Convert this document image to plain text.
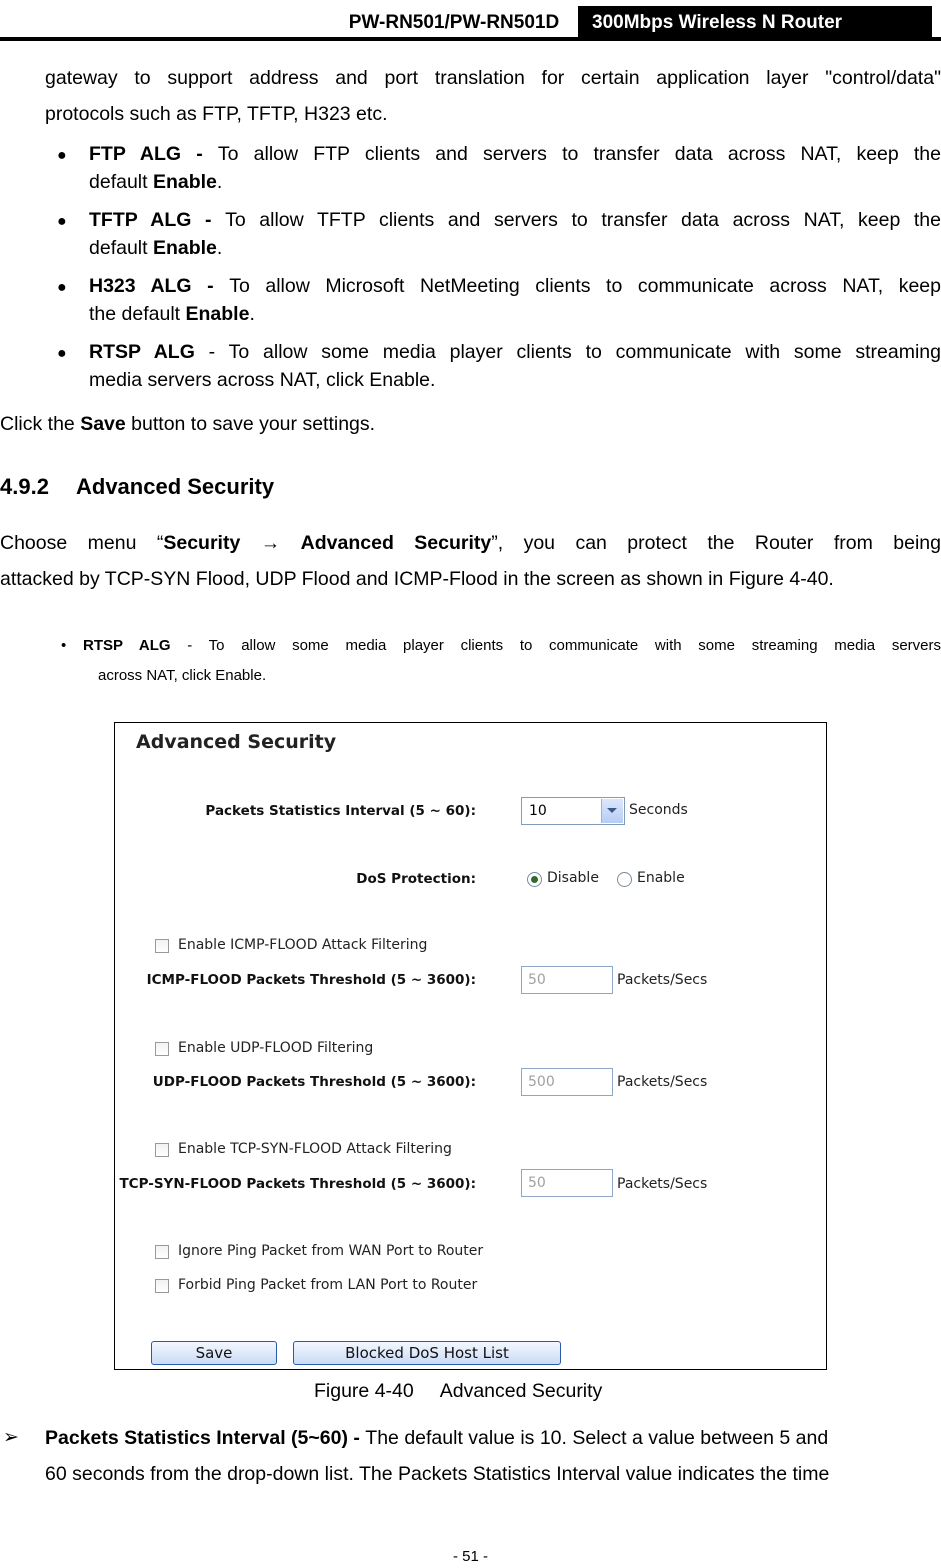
PW-RN501/PW-RN501D	300Mbps Wireless N Router
gateway to support address and port translation for certain application layer "control/data"
protocols such as FTP, TFTP, H323 etc.
● FTP ALG - To allow FTP clients and servers to transfer data across NAT, keep the
default Enable.
● TFTP ALG - To allow TFTP clients and servers to transfer data across NAT, keep the
default Enable.
● H323 ALG - To allow Microsoft NetMeeting clients to communicate across NAT, keep
the default Enable.
● RTSP ALG - To allow some media player clients to communicate with some streaming
media servers across NAT, click Enable.
Click the Save button to save your settings.
4.9.2 Advanced Security
Choose menu “Security → Advanced Security”, you can protect the Router from being
attacked by TCP-SYN Flood, UDP Flood and ICMP-Flood in the screen as shown in Figure 4-40.
• RTSP ALG - To allow some media player clients to communicate with some streaming media servers
across NAT, click Enable.
Advanced Security
Packets Statistics Interval (5 ~ 60):	10	Seconds
DoS Protection:	Disable	Enable
Enable ICMP-FLOOD Attack Filtering
ICMP-FLOOD Packets Threshold (5 ~ 3600):	50	Packets/Secs
Enable UDP-FLOOD Filtering
UDP-FLOOD Packets Threshold (5 ~ 3600):	500	Packets/Secs
Enable TCP-SYN-FLOOD Attack Filtering
TCP-SYN-FLOOD Packets Threshold (5 ~ 3600):	50	Packets/Secs
Ignore Ping Packet from WAN Port to Router
Forbid Ping Packet from LAN Port to Router
Save	Blocked DoS Host List
Figure 4-40 Advanced Security
➢ Packets Statistics Interval (5~60) - The default value is 10. Select a value between 5 and
60 seconds from the drop-down list. The Packets Statistics Interval value indicates the time
- 51 -
